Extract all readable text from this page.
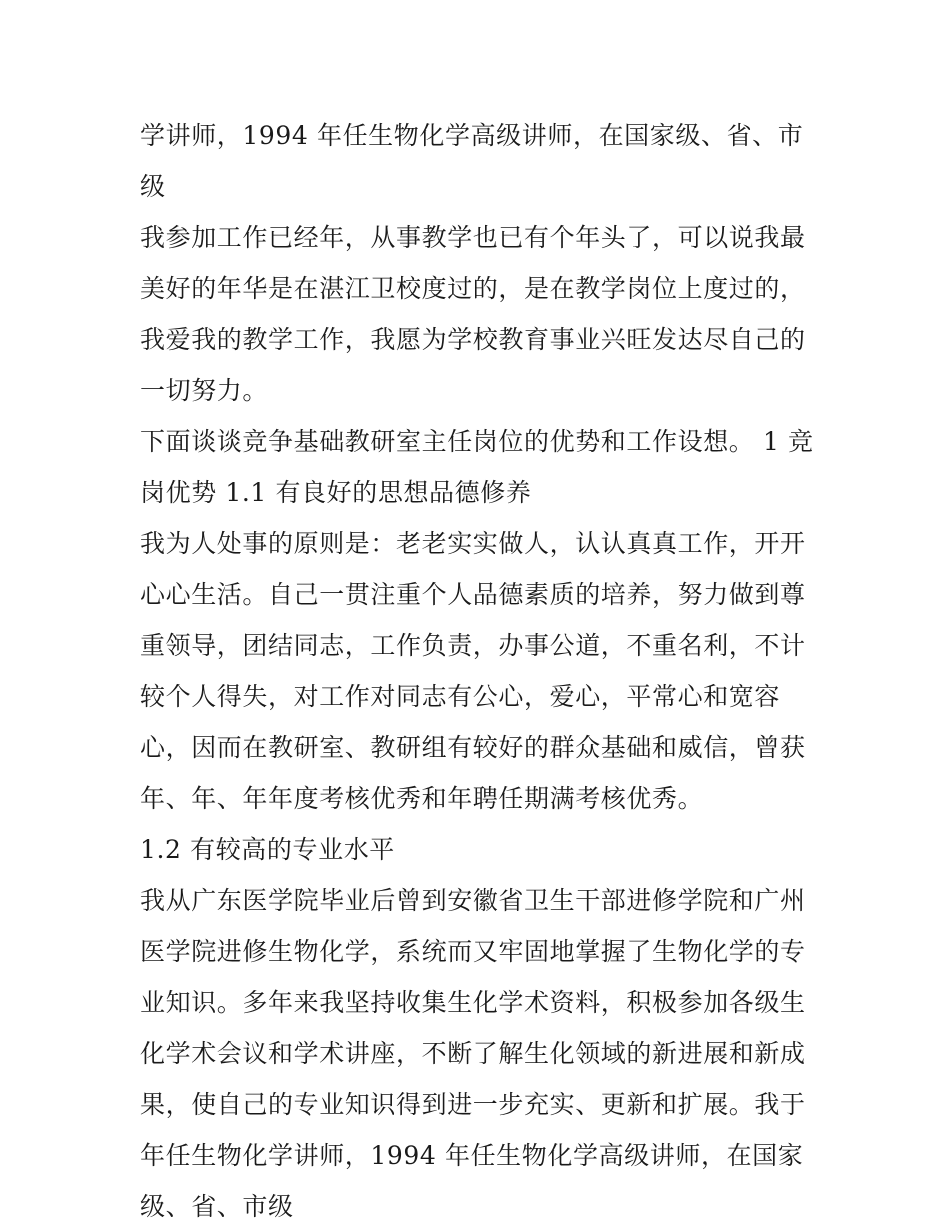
学讲师，1994 年任生物化学高级讲师，在国家级、省、市级

我参加工作已经年，从事教学也已有个年头了，可以说我最美好的年华是在湛江卫校度过的，是在教学岗位上度过的，我爱我的教学工作，我愿为学校教育事业兴旺发达尽自己的一切努力。

下面谈谈竞争基础教研室主任岗位的优势和工作设想。 1 竞岗优势 1.1 有良好的思想品德修养

我为人处事的原则是：老老实实做人，认认真真工作，开开心心生活。自己一贯注重个人品德素质的培养，努力做到尊重领导，团结同志，工作负责，办事公道，不重名利，不计较个人得失，对工作对同志有公心，爱心，平常心和宽容心，因而在教研室、教研组有较好的群众基础和威信，曾获年、年、年年度考核优秀和年聘任期满考核优秀。

1.2 有较高的专业水平

我从广东医学院毕业后曾到安徽省卫生干部进修学院和广州医学院进修生物化学，系统而又牢固地掌握了生物化学的专业知识。多年来我坚持收集生化学术资料，积极参加各级生化学术会议和学术讲座，不断了解生化领域的新进展和新成果，使自己的专业知识得到进一步充实、更新和扩展。我于年任生物化学讲师，1994 年任生物化学高级讲师，在国家级、省、市级
